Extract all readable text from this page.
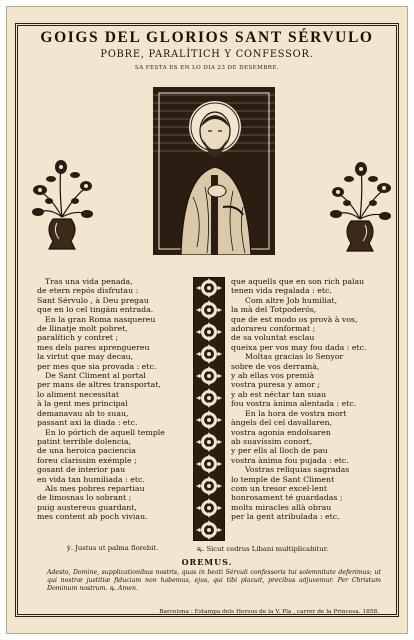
GOIGS DEL GLORIOS SANT SÉRVULO
POBRE, PARALÍTICH Y CONFESSOR.
SA FESTA ES EN LO DIA 23 DE DESEMBRE.
Tras una vida penada,
de etern repós disfrutau :
Sant Sérvulo , à Deu pregau
que en lo cel tingám entrada.
En la gran Roma nasquereu
de llinatje molt pobret,
paralítich y contret ;
mes dels pares aprenguereu
la virtut que may decau,
per mes que sia provada : etc.
De Sant Climent al portal
per mans de altres transportat,
lo aliment necessitat
à la gent mes principal
demanavau ab to suau,
passant axi la diada : etc.
En lo pórtich de aquell temple
patint terrible dolencia,
de una heroica paciencia
foreu clarissim exémple ;
gosant de interior pau
en vida tan humiliada : etc.
Als mes pobres repartiau
de limosnas lo sobrant ;
puig austereus guardant,
mes content ab poch viviau.
que aquells que en son rich palau
tenen vida regalada : etc.
Com altre Job humiliat,
la mà del Totpoderós,
que de est modo os provà à vos,
adorareu conformat ;
de sa voluntat esclau
queixa per vos may fou dada : etc.
Moltas gracias lo Senyor
sobre de vos derramà,
y ab ellas vos premià
vostra puresa y amor ;
y ab est néctar tan suau
fou vostra ànima alentada : etc.
En la hora de vostra mort
àngels del cel davallaren,
vostra agonia endolsaren
ab suavíssim conort,
y per ells al lloch de pau
vostra ànima fou pujada : etc.
Vostras reliquias sagradas
lo temple de Sant Climent
com un tresor excel·lent
honrosament té guardadas ;
molts miracles allà obrau
per la gent atribulada : etc.
ỳ. Justus ut palma florebit.	ꝶ. Sicut cedrus Libani multiplicabitur.
OREMUS.
Adesto, Domine, supplicationibus nostris, quas in beati Sérvuli confessoris tui solemnitate deferimus; ut qui nostræ justitiæ fiduciam non habemus, ejus, qui tibi placuit, precibus adjuvemur. Per Christum Dominum nostrum. ꝶ. Amen.
Barcelona : Estampa dels Hereus de la V. Pla , carrer de la Princesa. 1858.
